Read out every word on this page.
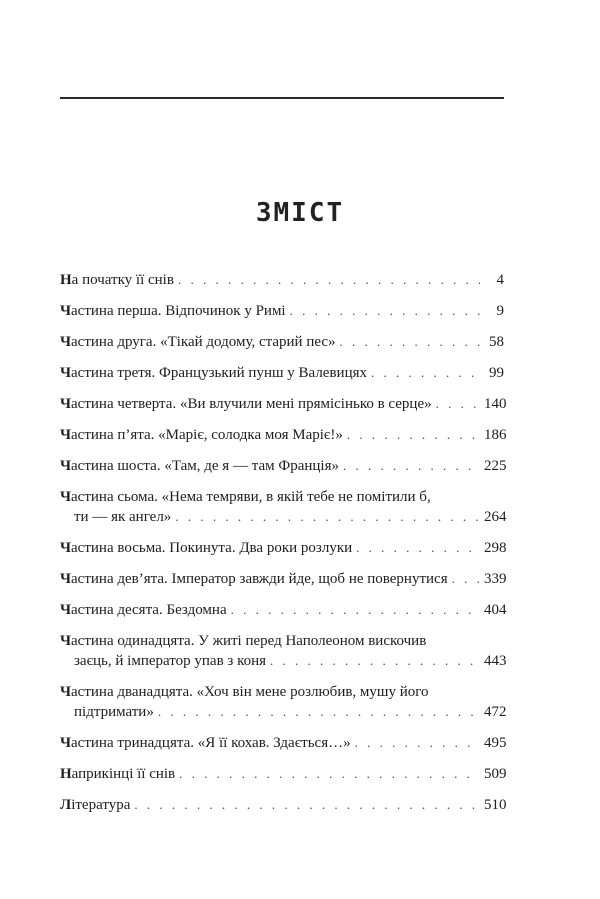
ЗМІСТ
На початку її снів . . .	4
Частина перша. Відпочинок у Римі . . .	9
Частина друга. «Тікай додому, старий пес» . . .	58
Частина третя. Французький пунш у Валевицях . . .	99
Частина четверта. «Ви влучили мені прямісінько в серце» . . .	140
Частина п’ята. «Маріє, солодка моя Маріє!» . . .	186
Частина шоста. «Там, де я — там Франція» . . .	225
Частина сьома. «Нема темряви, в якій тебе не помітили б,
ти — як ангел» . . .	264
Частина восьма. Покинута. Два роки розлуки . . .	298
Частина дев’ята. Імператор завжди йде, щоб не повернутися . . . 339
Частина десята. Бездомна . . .	404
Частина одинадцята. У житі перед Наполеоном вискочив
заєць, й імператор упав з коня . . .	443
Частина дванадцята. «Хоч він мене розлюбив, мушу його
підтримати» . . .	472
Частина тринадцята. «Я її кохав. Здається…» . . .	495
Наприкінці її снів . . .	509
Література . . .	510
